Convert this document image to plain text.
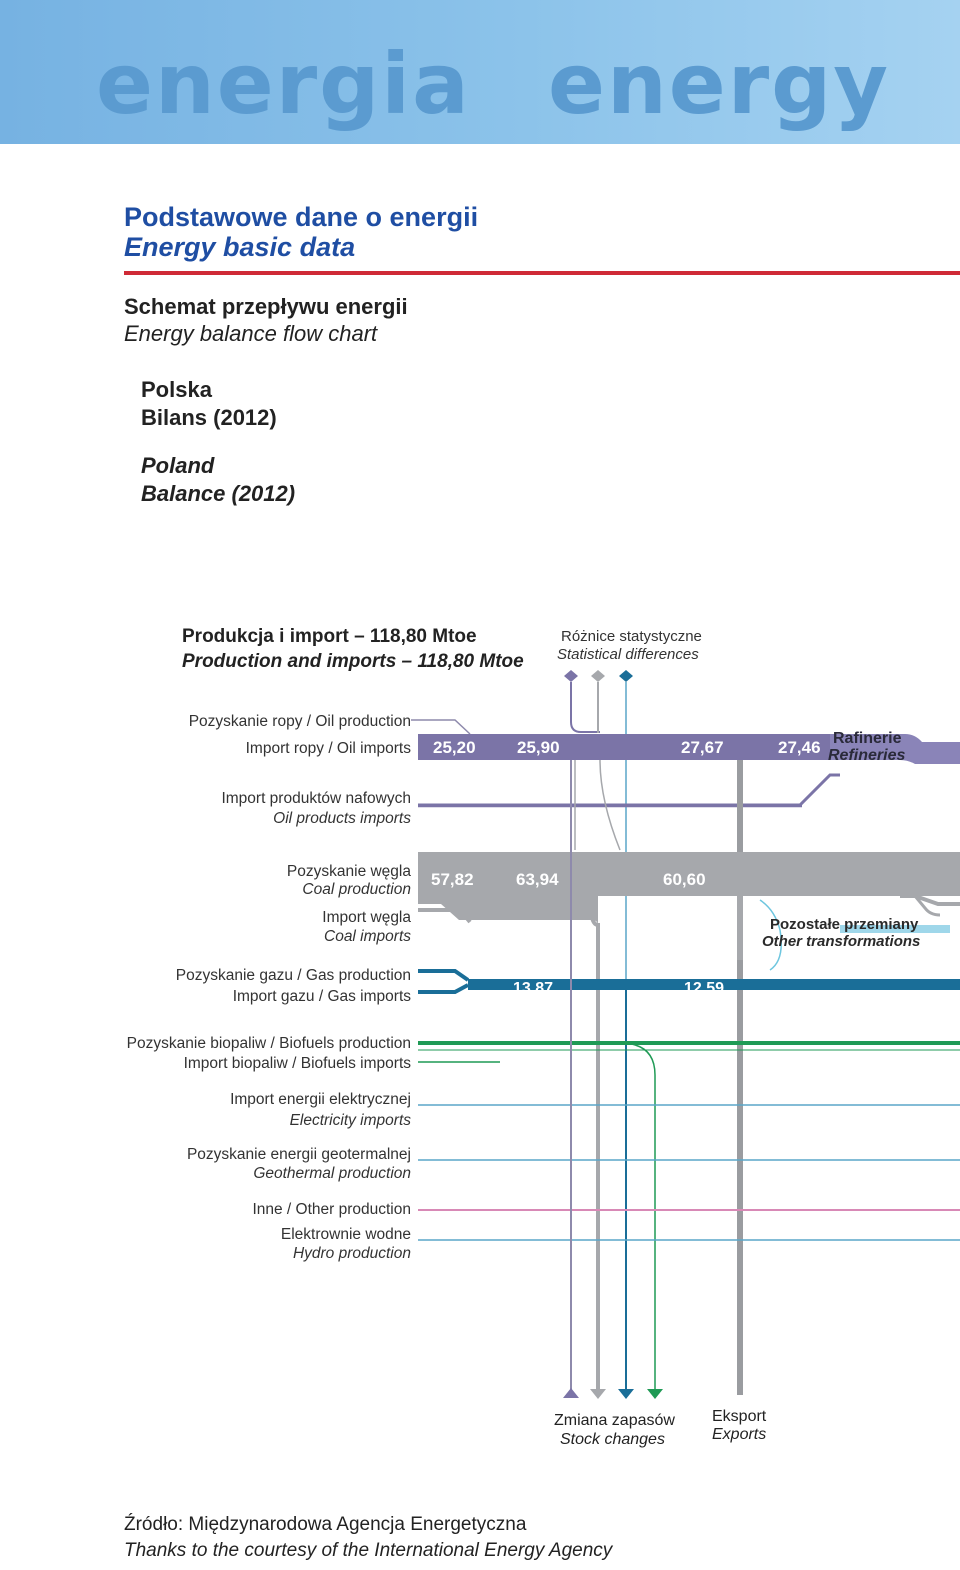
energia energy
Podstawowe dane o energii
Energy basic data
Schemat przepływu energii
Energy balance flow chart
Polska
Bilans (2012)
Poland
Balance (2012)
Produkcja i import – 118,80 Mtoe
Production and imports – 118,80 Mtoe
Różnice statystyczne
Statistical differences
25,20 25,90	27,67	27,46 Rafinerie
Refineries
57,82 63,94	60,60
Pozostałe przemiany
Other transformations
13,87	12,59
Zmiana zapasów
Stock changes
Eksport
Exports
Pozyskanie ropy / Oil production
Import ropy / Oil imports
Import produktów nafowych
Oil products imports
Pozyskanie węgla
Coal production
Import węgla
Coal imports
Pozyskanie gazu / Gas production
Import gazu / Gas imports
Pozyskanie biopaliw / Biofuels production
Import biopaliw / Biofuels imports
Import energii elektrycznej
Electricity imports
Pozyskanie energii geotermalnej
Geothermal production
Inne / Other production
Elektrownie wodne
Hydro production
Źródło: Międzynarodowa Agencja Energetyczna
Thanks to the courtesy of the International Energy Agency
